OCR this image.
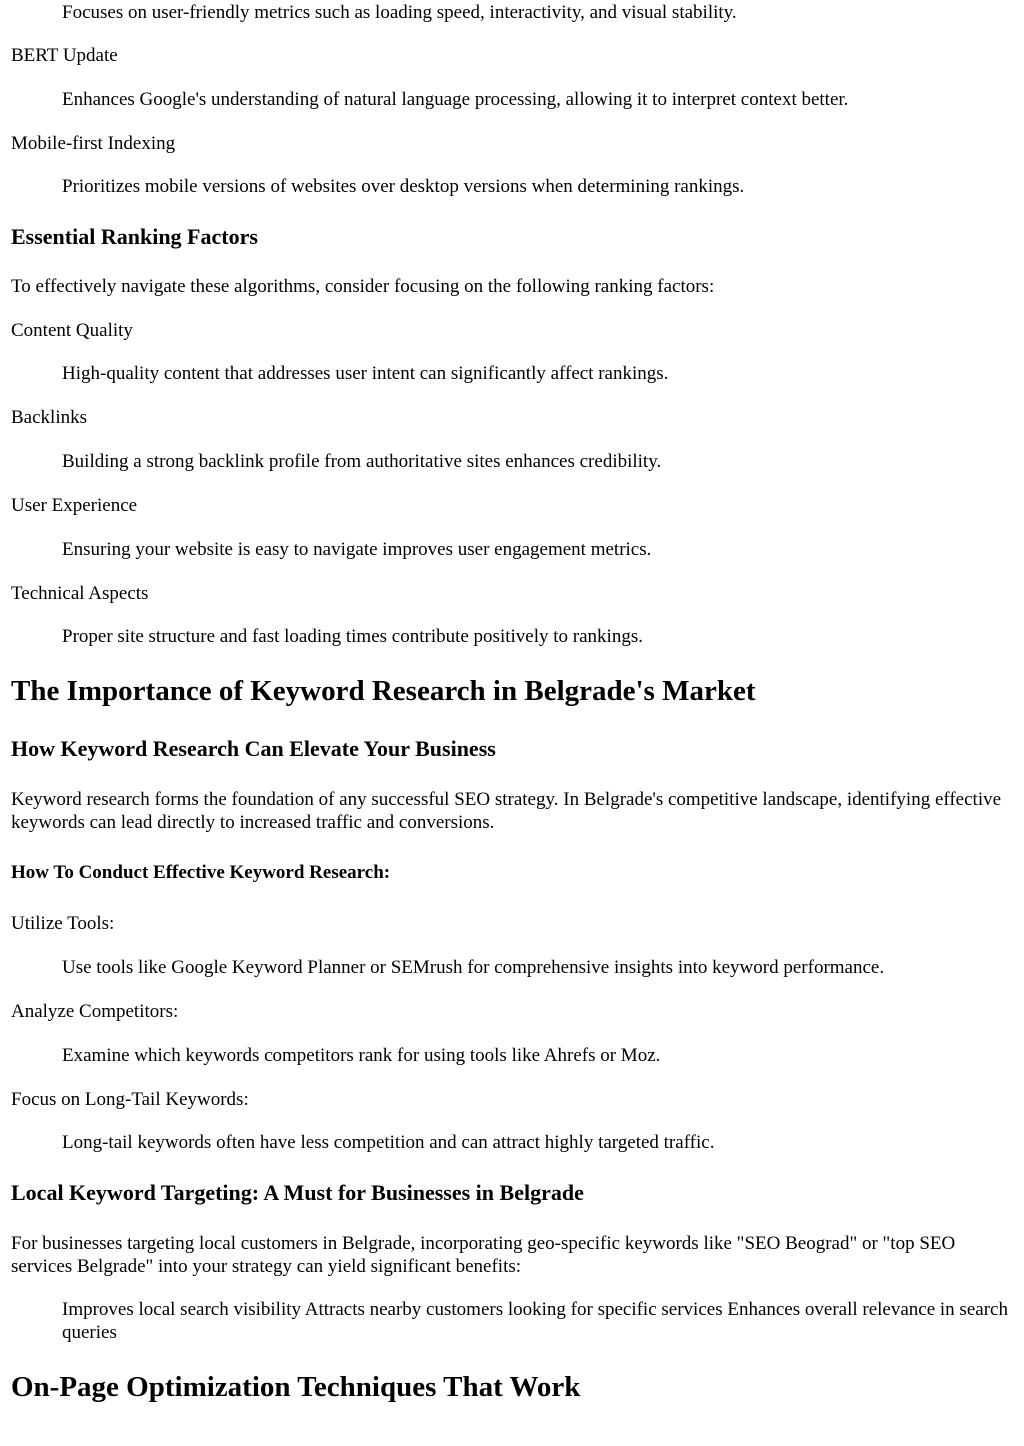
Focuses on user-friendly metrics such as loading speed, interactivity, and visual stability.

BERT Update

Enhances Google's understanding of natural language processing, allowing it to interpret context better.

Mobile-first Indexing

Prioritizes mobile versions of websites over desktop versions when determining rankings.

Essential Ranking Factors

To effectively navigate these algorithms, consider focusing on the following ranking factors:

Content Quality

High-quality content that addresses user intent can significantly affect rankings.

Backlinks

Building a strong backlink profile from authoritative sites enhances credibility.

User Experience

Ensuring your website is easy to navigate improves user engagement metrics.

Technical Aspects

Proper site structure and fast loading times contribute positively to rankings.

The Importance of Keyword Research in Belgrade's Market
How Keyword Research Can Elevate Your Business

Keyword research forms the foundation of any successful SEO strategy. In Belgrade's competitive landscape, identifying effective keywords can lead directly to increased traffic and conversions.

How To Conduct Effective Keyword Research:

Utilize Tools:

Use tools like Google Keyword Planner or SEMrush for comprehensive insights into keyword performance.

Analyze Competitors:

Examine which keywords competitors rank for using tools like Ahrefs or Moz.

Focus on Long-Tail Keywords:

Long-tail keywords often have less competition and can attract highly targeted traffic.

Local Keyword Targeting: A Must for Businesses in Belgrade

For businesses targeting local customers in Belgrade, incorporating geo-specific keywords like "SEO Beograd" or "top SEO services Belgrade" into your strategy can yield significant benefits:

Improves local search visibility Attracts nearby customers looking for specific services Enhances overall relevance in search queries

On-Page Optimization Techniques That Work
